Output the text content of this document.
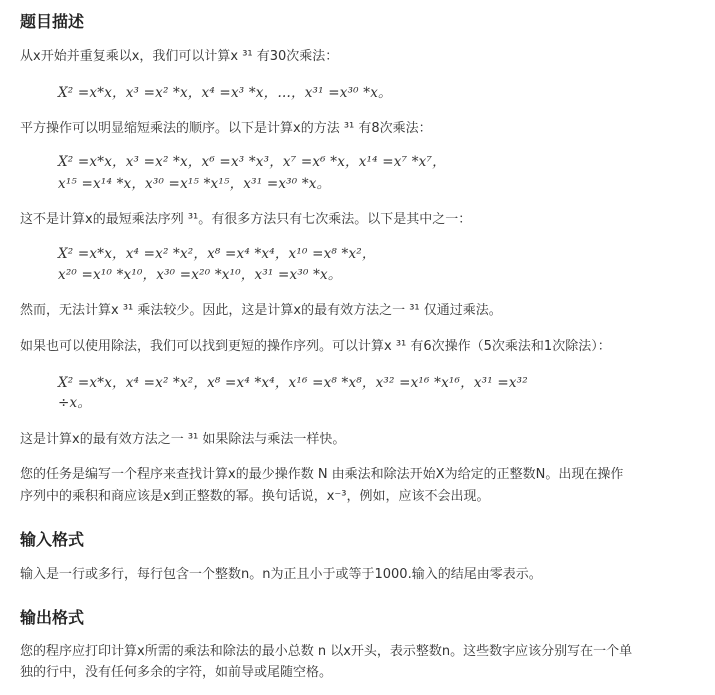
题目描述
从x开始并重复乘以x，我们可以计算x ³¹ 有30次乘法：
X² =x*x，x³ =x² *x，x⁴ =x³ *x，…，x³¹ =x³⁰ *x。
平方操作可以明显缩短乘法的顺序。以下是计算x的方法 ³¹ 有8次乘法：
X² =x*x，x³ =x² *x，x⁶ =x³ *x³，x⁷ =x⁶ *x，x¹⁴ =x⁷ *x⁷，
x¹⁵ =x¹⁴ *x，x³⁰ =x¹⁵ *x¹⁵，x³¹ =x³⁰ *x。
这不是计算x的最短乘法序列 ³¹。有很多方法只有七次乘法。以下是其中之一：
X² =x*x，x⁴ =x² *x²，x⁸ =x⁴ *x⁴，x¹⁰ =x⁸ *x²，
x²⁰ =x¹⁰ *x¹⁰，x³⁰ =x²⁰ *x¹⁰，x³¹ =x³⁰ *x。
然而，无法计算x ³¹ 乘法较少。因此，这是计算x的最有效方法之一 ³¹ 仅通过乘法。
如果也可以使用除法，我们可以找到更短的操作序列。可以计算x ³¹ 有6次操作（5次乘法和1次除法）：
X² =x*x，x⁴ =x² *x²，x⁸ =x⁴ *x⁴，x¹⁶ =x⁸ *x⁸，x³² =x¹⁶ *x¹⁶，x³¹ =x³²
÷x。
这是计算x的最有效方法之一 ³¹ 如果除法与乘法一样快。
您的任务是编写一个程序来查找计算x的最少操作数 N 由乘法和除法开始X为给定的正整数N。出现在操作
序列中的乘积和商应该是x到正整数的幂。换句话说，x⁻³，例如，应该不会出现。
输入格式
输入是一行或多行，每行包含一个整数n。n为正且小于或等于1000.输入的结尾由零表示。
输出格式
您的程序应打印计算x所需的乘法和除法的最小总数 n 以x开头，表示整数n。这些数字应该分别写在一个单
独的行中，没有任何多余的字符，如前导或尾随空格。
